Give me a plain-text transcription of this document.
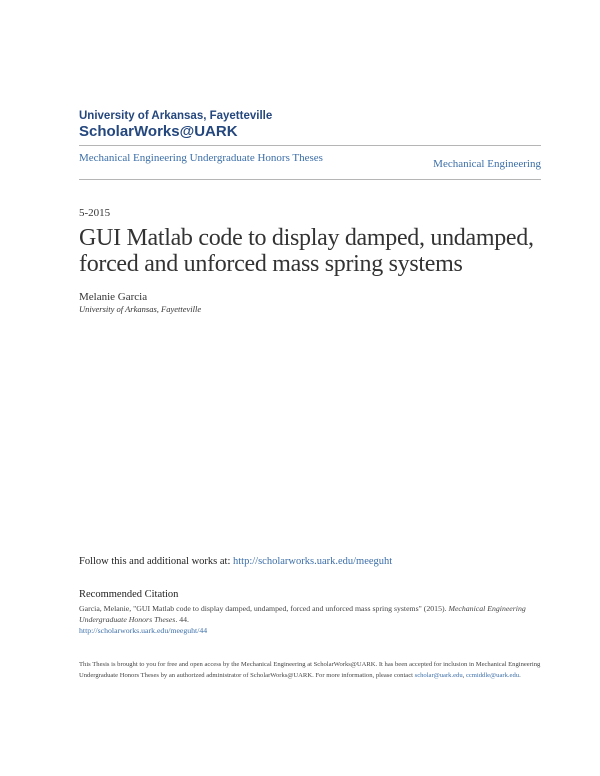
University of Arkansas, Fayetteville
ScholarWorks@UARK
Mechanical Engineering Undergraduate Honors Theses	Mechanical Engineering
5-2015
GUI Matlab code to display damped, undamped, forced and unforced mass spring systems
Melanie Garcia
University of Arkansas, Fayetteville
Follow this and additional works at: http://scholarworks.uark.edu/meeguht
Recommended Citation
Garcia, Melanie, "GUI Matlab code to display damped, undamped, forced and unforced mass spring systems" (2015). Mechanical Engineering Undergraduate Honors Theses. 44.
http://scholarworks.uark.edu/meeguht/44
This Thesis is brought to you for free and open access by the Mechanical Engineering at ScholarWorks@UARK. It has been accepted for inclusion in Mechanical Engineering Undergraduate Honors Theses by an authorized administrator of ScholarWorks@UARK. For more information, please contact scholar@uark.edu, ccmiddle@uark.edu.
